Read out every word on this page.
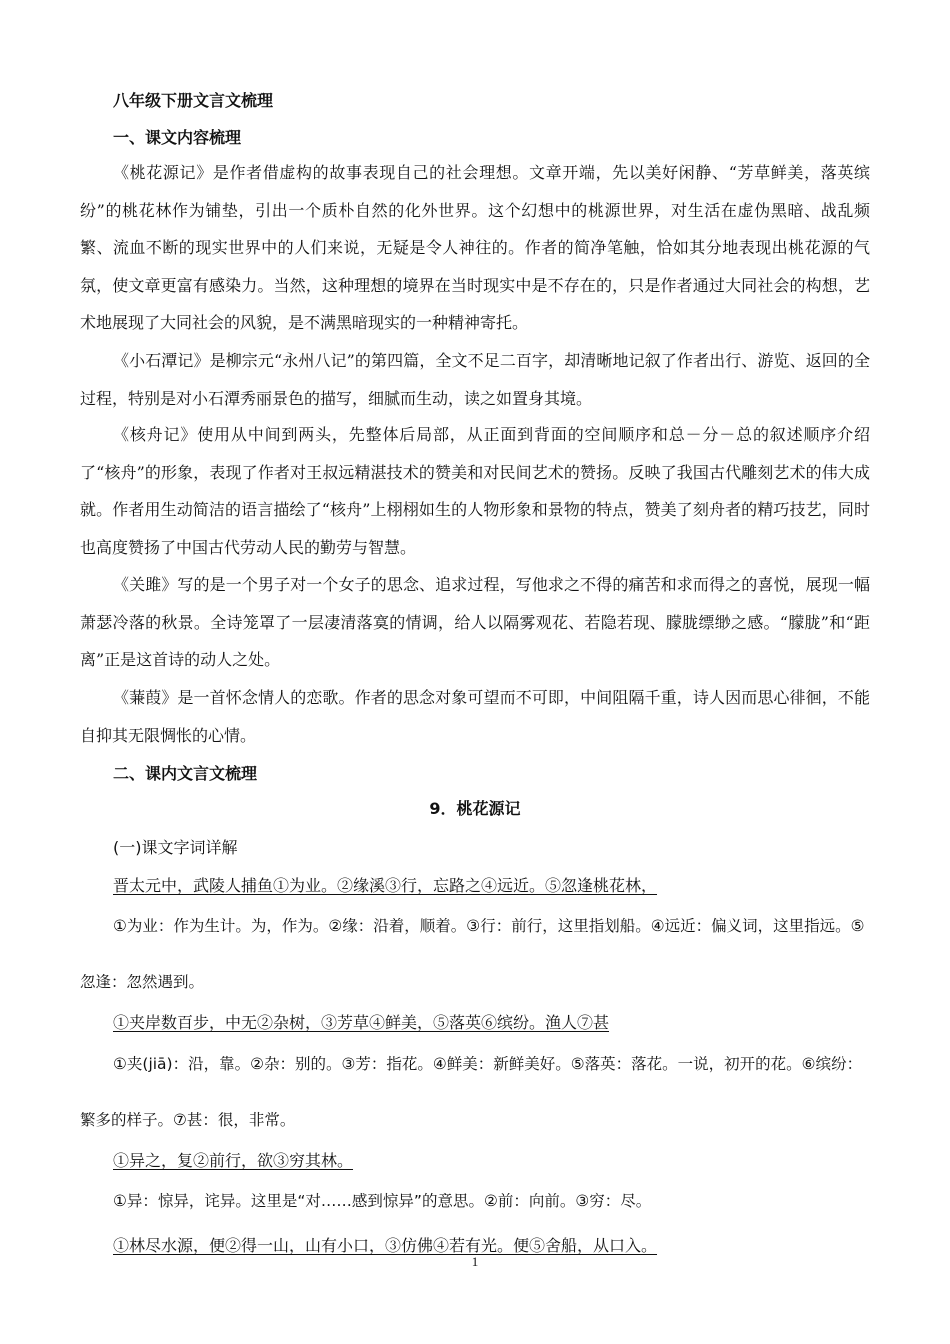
八年级下册文言文梳理
一、课文内容梳理

《桃花源记》是作者借虚构的故事表现自己的社会理想。文章开端，先以美好闲静、“芳草鲜美，落英缤纷”的桃花林作为铺垫，引出一个质朴自然的化外世界。这个幻想中的桃源世界，对生活在虚伪黑暗、战乱频繁、流血不断的现实世界中的人们来说，无疑是令人神往的。作者的简净笔触，恰如其分地表现出桃花源的气氛，使文章更富有感染力。当然，这种理想的境界在当时现实中是不存在的，只是作者通过大同社会的构想，艺术地展现了大同社会的风貌，是不满黑暗现实的一种精神寄托。

《小石潭记》是柳宗元“永州八记”的第四篇，全文不足二百字，却清晰地记叙了作者出行、游览、返回的全过程，特别是对小石潭秀丽景色的描写，细腻而生动，读之如置身其境。

《核舟记》使用从中间到两头，先整体后局部，从正面到背面的空间顺序和总－分－总的叙述顺序介绍了“核舟”的形象，表现了作者对王叔远精湛技术的赞美和对民间艺术的赞扬。反映了我国古代雕刻艺术的伟大成就。作者用生动简洁的语言描绘了“核舟”上栩栩如生的人物形象和景物的特点，赞美了刻舟者的精巧技艺，同时也高度赞扬了中国古代劳动人民的勤劳与智慧。

《关雎》写的是一个男子对一个女子的思念、追求过程，写他求之不得的痛苦和求而得之的喜悦，展现一幅萧瑟冷落的秋景。全诗笼罩了一层凄清落寞的情调，给人以隔雾观花、若隐若现、朦胧缥缈之感。“朦胧”和“距离”正是这首诗的动人之处。

《蒹葭》是一首怀念情人的恋歌。作者的思念对象可望而不可即，中间阻隔千重，诗人因而思心徘徊，不能自抑其无限惆怅的心情。

二、课内文言文梳理
9．桃花源记
(一)课文字词详解
晋太元中，武陵人捕鱼①为业。②缘溪③行，忘路之④远近。⑤忽逢桃花林，

①为业：作为生计。为，作为。②缘：沿着，顺着。③行：前行，这里指划船。④远近：偏义词，这里指远。⑤忽逢：忽然遇到。

①夹岸数百步，中无②杂树，③芳草④鲜美，⑤落英⑥缤纷。渔人⑦甚

①夹(jiā)：沿，靠。②杂：别的。③芳：指花。④鲜美：新鲜美好。⑤落英：落花。一说，初开的花。⑥缤纷：繁多的样子。⑦甚：很，非常。

①异之，复②前行，欲③穷其林。

①异：惊异，诧异。这里是“对……感到惊异”的意思。②前：向前。③穷：尽。

①林尽水源，便②得一山，山有小口，③仿佛④若有光。便⑤舍船，从口入。
1
